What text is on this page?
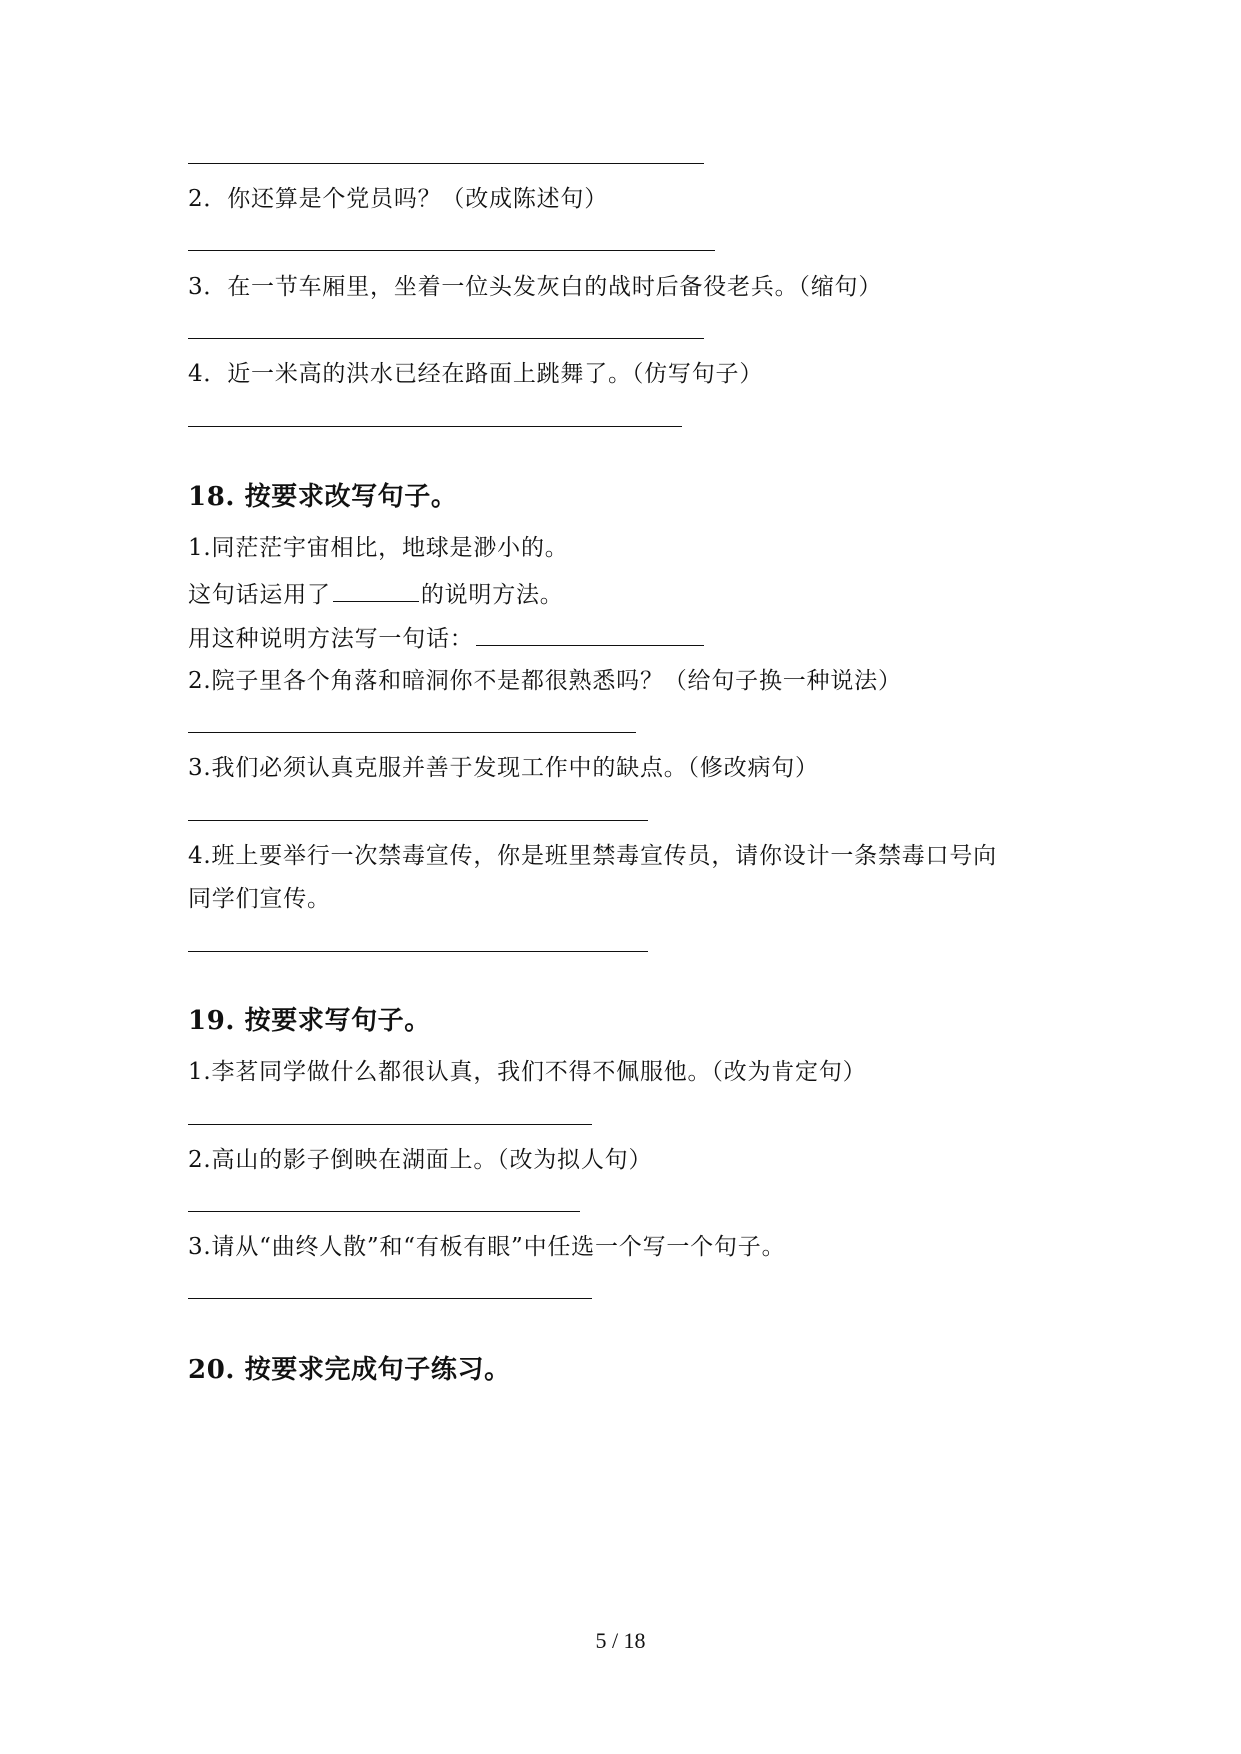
2．你还算是个党员吗？（改成陈述句）
3．在一节车厢里，坐着一位头发灰白的战时后备役老兵。（缩句）
4．近一米高的洪水已经在路面上跳舞了。（仿写句子）
18. 按要求改写句子。
1.同茫茫宇宙相比，地球是渺小的。
这句话运用了	的说明方法。
用这种说明方法写一句话：
2.院子里各个角落和暗洞你不是都很熟悉吗？（给句子换一种说法）
3.我们必须认真克服并善于发现工作中的缺点。（修改病句）
4.班上要举行一次禁毒宣传，你是班里禁毒宣传员，请你设计一条禁毒口号向
同学们宣传。
19. 按要求写句子。
1.李茗同学做什么都很认真，我们不得不佩服他。（改为肯定句）
2.高山的影子倒映在湖面上。（改为拟人句）
3.请从“曲终人散”和“有板有眼”中任选一个写一个句子。
20. 按要求完成句子练习。
5 / 18
